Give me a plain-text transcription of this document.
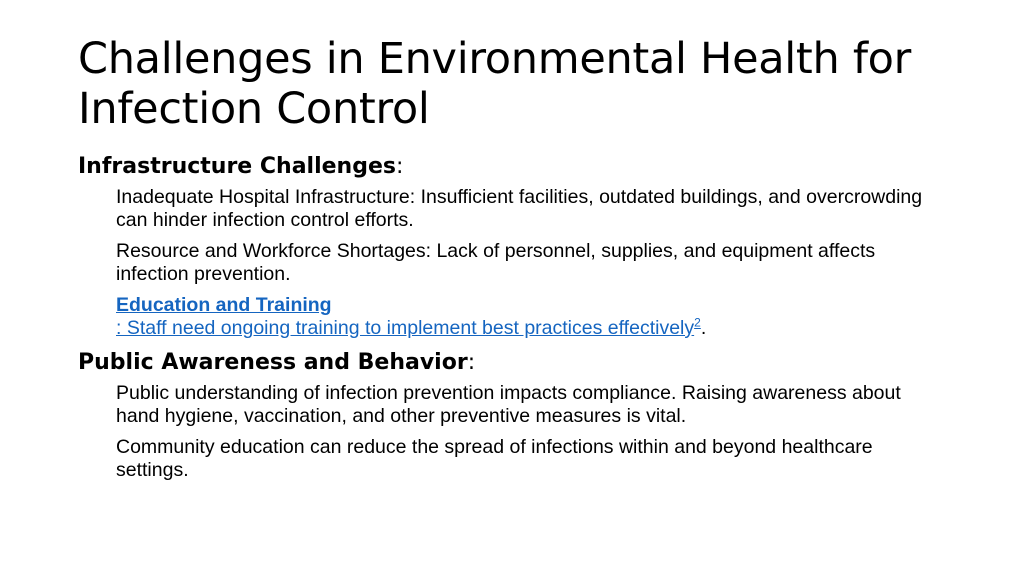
Challenges in Environmental Health for Infection Control
Infrastructure Challenges:
Inadequate Hospital Infrastructure: Insufficient facilities, outdated buildings, and overcrowding can hinder infection control efforts.
Resource and Workforce Shortages: Lack of personnel, supplies, and equipment affects infection prevention.
Education and Training
: Staff need ongoing training to implement best practices effectively$^2$.
Public Awareness and Behavior:
Public understanding of infection prevention impacts compliance. Raising awareness about hand hygiene, vaccination, and other preventive measures is vital.
Community education can reduce the spread of infections within and beyond healthcare settings.
